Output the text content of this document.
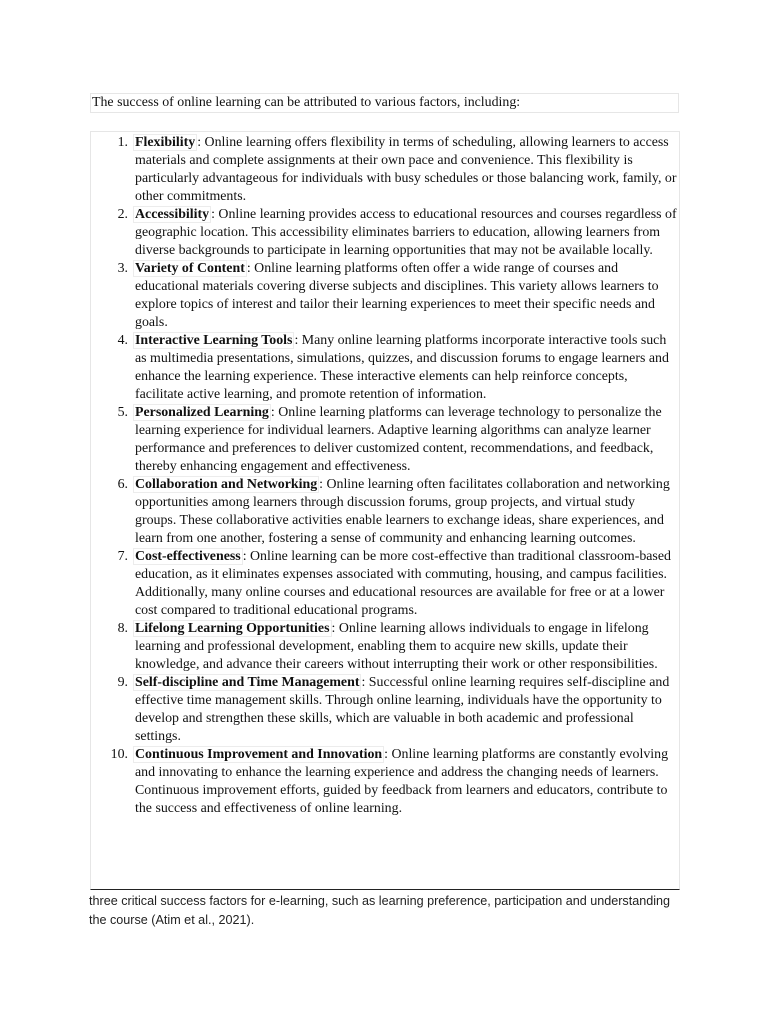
The success of online learning can be attributed to various factors, including:
1. Flexibility : Online learning offers flexibility in terms of scheduling, allowing learners to access materials and complete assignments at their own pace and convenience. This flexibility is particularly advantageous for individuals with busy schedules or those balancing work, family, or other commitments.
2. Accessibility : Online learning provides access to educational resources and courses regardless of geographic location. This accessibility eliminates barriers to education, allowing learners from diverse backgrounds to participate in learning opportunities that may not be available locally.
3. Variety of Content : Online learning platforms often offer a wide range of courses and educational materials covering diverse subjects and disciplines. This variety allows learners to explore topics of interest and tailor their learning experiences to meet their specific needs and goals.
4. Interactive Learning Tools : Many online learning platforms incorporate interactive tools such as multimedia presentations, simulations, quizzes, and discussion forums to engage learners and enhance the learning experience. These interactive elements can help reinforce concepts, facilitate active learning, and promote retention of information.
5. Personalized Learning : Online learning platforms can leverage technology to personalize the learning experience for individual learners. Adaptive learning algorithms can analyze learner performance and preferences to deliver customized content, recommendations, and feedback, thereby enhancing engagement and effectiveness.
6. Collaboration and Networking : Online learning often facilitates collaboration and networking opportunities among learners through discussion forums, group projects, and virtual study groups. These collaborative activities enable learners to exchange ideas, share experiences, and learn from one another, fostering a sense of community and enhancing learning outcomes.
7. Cost-effectiveness : Online learning can be more cost-effective than traditional classroom-based education, as it eliminates expenses associated with commuting, housing, and campus facilities. Additionally, many online courses and educational resources are available for free or at a lower cost compared to traditional educational programs.
8. Lifelong Learning Opportunities : Online learning allows individuals to engage in lifelong learning and professional development, enabling them to acquire new skills, update their knowledge, and advance their careers without interrupting their work or other responsibilities.
9. Self-discipline and Time Management : Successful online learning requires self-discipline and effective time management skills. Through online learning, individuals have the opportunity to develop and strengthen these skills, which are valuable in both academic and professional settings.
10. Continuous Improvement and Innovation : Online learning platforms are constantly evolving and innovating to enhance the learning experience and address the changing needs of learners. Continuous improvement efforts, guided by feedback from learners and educators, contribute to the success and effectiveness of online learning.
three critical success factors for e-learning, such as learning preference, participation and understanding the course (Atim et al., 2021).
